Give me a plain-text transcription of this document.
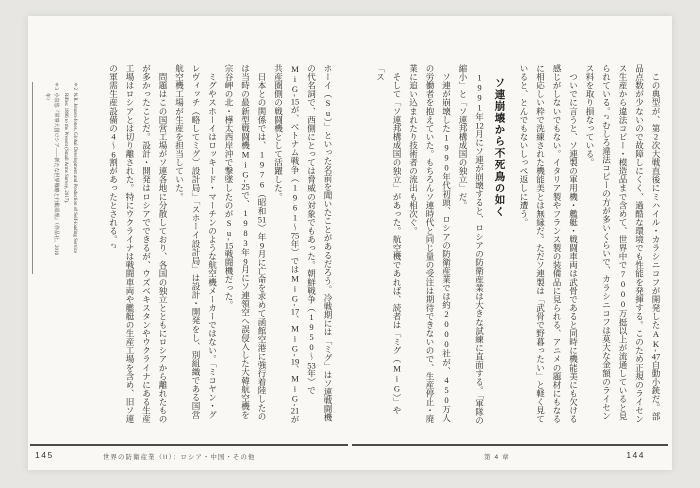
　この典型が、第2次大戦直後にミハイル・カラシニコフが開発したAK-47自動小銃だ。部品点数が少ないので故障しにくく、過酷な環境でも性能を発揮する。このため正規のライセンス生産から違法コピー・模造品まで含めて、世界中で7000万挺以上が流通していると見られている。＊2むしろ違法コピーの方が多いくらいで、カラシニコフは莫大な金額のライセンス料を取り損なっている。

　ついでに言うと、ソ連製の軍用機・艦艇・戦闘車両は武骨であると同時に機能美にも欠ける感じがしないでもない。イタリア製やフランス製の装備品に見られる、アニメの題材にもなるに相応しい粋で洗練された機能美とは無縁だ。ただソ連製は「武骨で野暮ったい」と軽く見ていると、とんでもないしっぺ返しに遭う。

ソ連崩壊から不死鳥の如く

　1991年12月にソ連が崩壊すると、ロシアの防衛産業は大きな試練に直面する。「軍隊の縮小」と「ソ連邦構成国の独立」だ。

　ソ連が崩壊した1990年代初頭、ロシアの防衛産業では約2000社が、450万人の労働者を抱えていた。もちろんソ連時代と同じ量の受注は期待できないので、生産停止・廃業に追い込まれたり技術者の流出も相次ぐ。

　そして「ソ連邦構成国の独立」があった。航空機であれば、読者は「ミグ（MiG）」や「ス

第4章	144

ホーイ（Su）」といった名前を聞いたことがあるだろう。冷戦期には「ミグ」はソ連戦闘機の代名詞で、西側にとっては脅威の対象でもあった。朝鮮戦争（1950～53年）でMiG-15が、ベトナム戦争（1961～75年）ではMiG-17、MiG-19、MiG-21が共産圏側の戦闘機として活躍した。

　日本との関係では、1976（昭和51）年9月に亡命を求めて函館空港に強行着陸したのは当時の最新型戦闘機MiG-25で、1983年9月にソ連領空へ誤侵入した大韓航空機を宗谷岬の北・樺太西岸沖で撃墜したのがSu-15戦闘機だった。

　ミグやスホーイはロッキード・マーチンのような航空機メーカーではない。「ミコヤン・グレヴィッチ（略してミグ）設計局」「スホーイ設計局」は設計・開発をし、別組織である国営航空機工場が生産を担当していた。

　問題はこの国営工場がソ連各地に分散しており、各国の独立とともにロシアから離れたものが多かったことだ。設計・開発はロシアでできるが、ウズベキスタンやウクライナにある生産工場はロシアとは切り離された。特にウクライナは戦闘車両や艦艇の生産工場を含め、旧ソ連の軍需生産設備の4～6割があったとされる。＊3

＊2N.R. Jenzen-Jones, Global Development and Production of Self-loading Service Rifles: 1896 to the Present (Small Arms Survey, 2017).

＊3小泉悠『軍事大国ロシア――新たな世界戦略と行動原理』（作品社、2016年）

145	世界の防衛産業（II）：ロシア・中国・その他
